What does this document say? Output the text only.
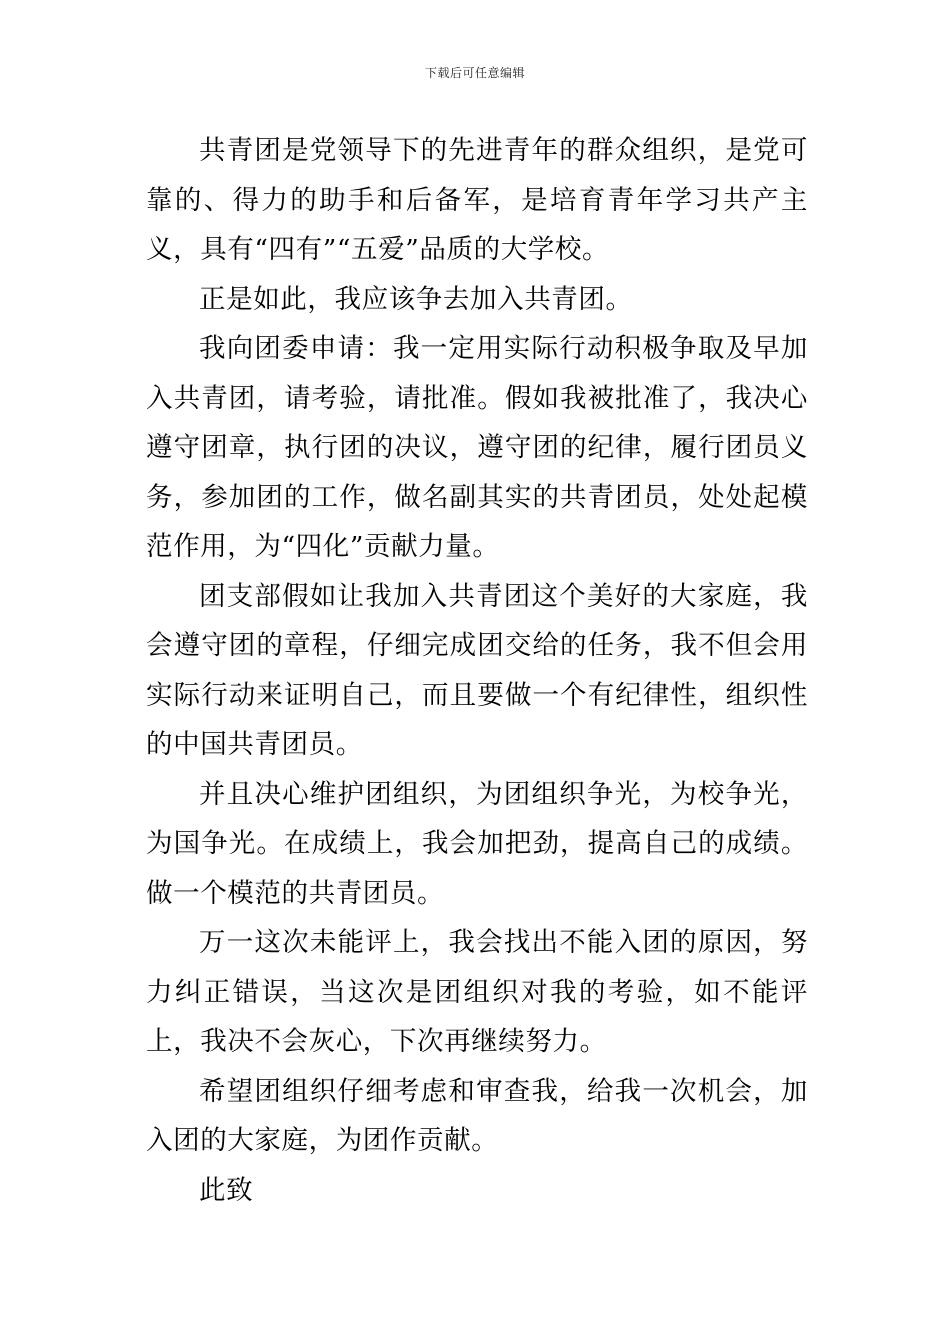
下载后可任意编辑

共青团是党领导下的先进青年的群众组织，是党可靠的、得力的助手和后备军，是培育青年学习共产主义，具有“四有”“五爱”品质的大学校。

正是如此，我应该争去加入共青团。

我向团委申请：我一定用实际行动积极争取及早加入共青团，请考验，请批准。假如我被批准了，我决心遵守团章，执行团的决议，遵守团的纪律，履行团员义务，参加团的工作，做名副其实的共青团员，处处起模范作用，为“四化”贡献力量。

团支部假如让我加入共青团这个美好的大家庭，我会遵守团的章程，仔细完成团交给的任务，我不但会用实际行动来证明自己，而且要做一个有纪律性，组织性的中国共青团员。

并且决心维护团组织，为团组织争光，为校争光，为国争光。在成绩上，我会加把劲，提高自己的成绩。做一个模范的共青团员。

万一这次未能评上，我会找出不能入团的原因，努力纠正错误，当这次是团组织对我的考验，如不能评上，我决不会灰心，下次再继续努力。

希望团组织仔细考虑和审查我，给我一次机会，加入团的大家庭，为团作贡献。

此致
